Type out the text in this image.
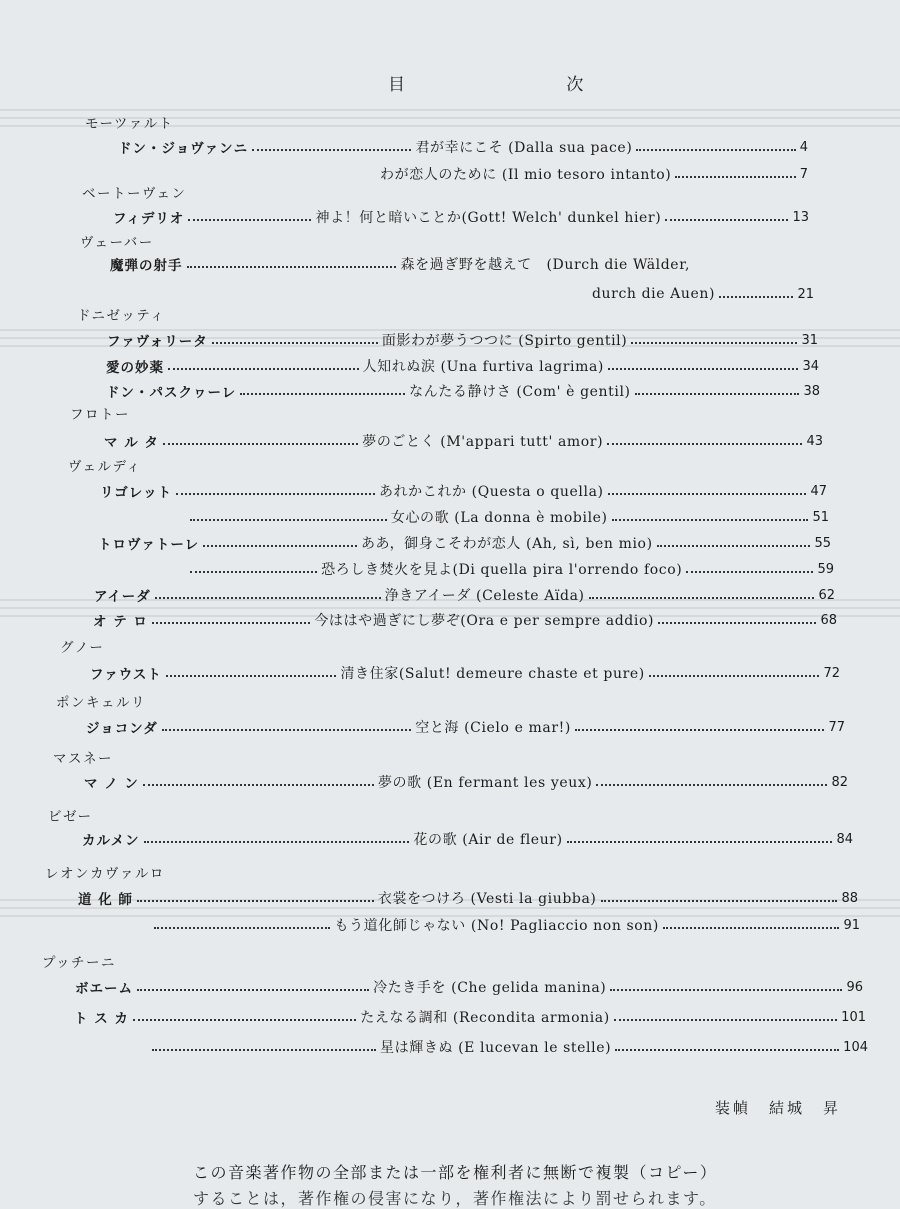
目 次
モーツァルト
ドン・ジョヴァンニ	君が幸にこそ (Dalla sua pace)	4
わが恋人のために (Il mio tesoro intanto)	7
ベートーヴェン
フィデリオ	神よ！何と暗いことか(Gott! Welch' dunkel hier)	13
ヴェーバー
魔弾の射手	森を過ぎ野を越えて　(Durch die Wälder,
durch die Auen)	21
ドニゼッティ
ファヴォリータ	面影わが夢うつつに (Spirto gentil)	31
愛の妙薬	人知れぬ涙 (Una furtiva lagrima)	34
ドン・パスクヮーレ	なんたる静けさ (Com' è gentil)	38
フロトー
マ ル タ	夢のごとく (M'appari tutt' amor)	43
ヴェルディ
リゴレット	あれかこれか (Questa o quella)	47
女心の歌 (La donna è mobile)	51
トロヴァトーレ	ああ，御身こそわが恋人 (Ah, sì, ben mio)	55
恐ろしき焚火を見よ(Di quella pira l'orrendo foco)	59
アイーダ	浄きアイーダ (Celeste Aïda)	62
オ テ ロ	今ははや過ぎにし夢ぞ(Ora e per sempre addio)	68
グノー
ファウスト	清き住家(Salut! demeure chaste et pure)	72
ポンキェルリ
ジョコンダ	空と海 (Cielo e mar!)	77
マスネー
マ ノ ン	夢の歌 (En fermant les yeux)	82
ビゼー
カルメン	花の歌 (Air de fleur)	84
レオンカヴァルロ
道 化 師	衣裳をつけろ (Vesti la giubba)	88
もう道化師じゃない (No! Pagliaccio non son)	91
プッチーニ
ボエーム	冷たき手を (Che gelida manina)	96
ト ス カ	たえなる調和 (Recondita armonia)	101
星は輝きぬ (E lucevan le stelle)	104
装幀　結城　昇
この音楽著作物の全部または一部を権利者に無断で複製（コピー）
することは，著作権の侵害になり，著作権法により罰せられます。
